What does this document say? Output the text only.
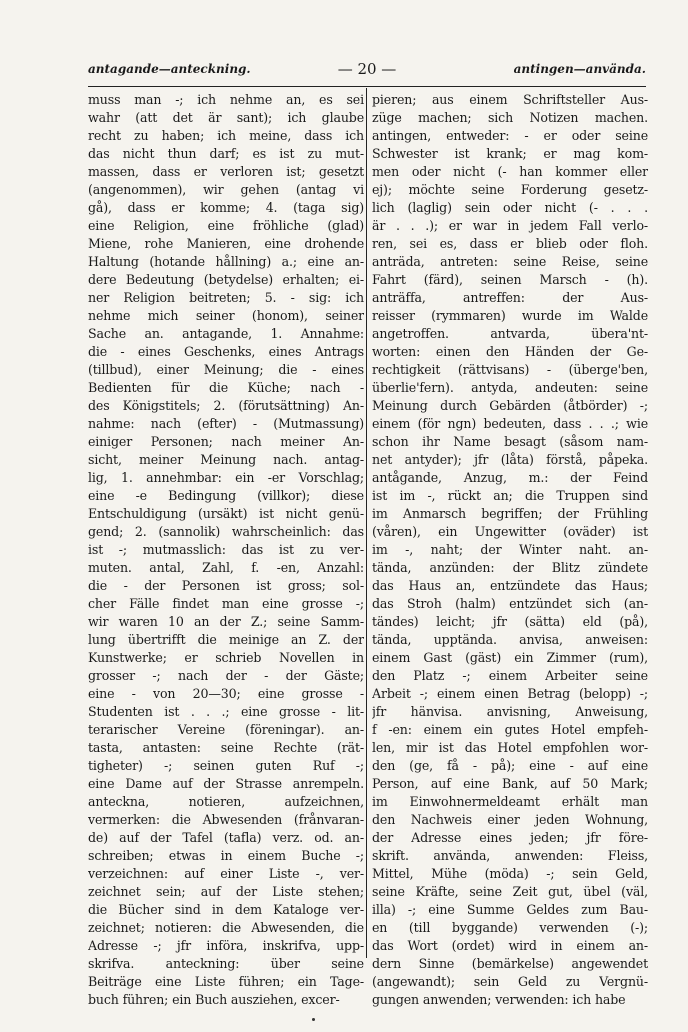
antagande—anteckning.	— 20 —	antingen—använda.
muss man -; ich nehme an, es sei
wahr (att det är sant); ich glaube
recht zu haben; ich meine, dass ich
das nicht thun darf; es ist zu mut-
massen, dass er verloren ist; gesetzt
(angenommen), wir gehen (antag vi
gå), dass er komme; 4. (taga sig)
eine Religion, eine fröhliche (glad)
Miene, rohe Manieren, eine drohende
Haltung (hotande hållning) a.; eine an-
dere Bedeutung (betydelse) erhalten; ei-
ner Religion beitreten; 5. - sig: ich
nehme mich seiner (honom), seiner
Sache an. antagande, 1. Annahme:
die - eines Geschenks, eines Antrags
(tillbud), einer Meinung; die - eines
Bedienten für die Küche; nach -
des Königstitels; 2. (förutsättning) An-
nahme: nach (efter) - (Mutmassung)
einiger Personen; nach meiner An-
sicht, meiner Meinung nach. antag-
lig, 1. annehmbar: ein -er Vorschlag;
eine -e Bedingung (villkor); diese
Entschuldigung (ursäkt) ist nicht genü-
gend; 2. (sannolik) wahrscheinlich: das
ist -; mutmasslich: das ist zu ver-
muten. antal, Zahl, f. -en, Anzahl:
die - der Personen ist gross; sol-
cher Fälle findet man eine grosse -;
wir waren 10 an der Z.; seine Samm-
lung übertrifft die meinige an Z. der
Kunstwerke; er schrieb Novellen in
grosser -; nach der - der Gäste;
eine - von 20—30; eine grosse -
Studenten ist . . .; eine grosse - lit-
terarischer Vereine (föreningar). an-
tasta, antasten: seine Rechte (rät-
tigheter) -; seinen guten Ruf -;
eine Dame auf der Strasse anrempeln.
anteckna, notieren, aufzeichnen,
vermerken: die Abwesenden (frånvaran-
de) auf der Tafel (tafla) verz. od. an-
schreiben; etwas in einem Buche -;
verzeichnen: auf einer Liste -, ver-
zeichnet sein; auf der Liste stehen;
die Bücher sind in dem Kataloge ver-
zeichnet; notieren: die Abwesenden, die
Adresse -; jfr införa, inskrifva, upp-
skrifva. anteckning: über seine
Beiträge eine Liste führen; ein Tage-
buch führen; ein Buch ausziehen, excer-
pieren; aus einem Schriftsteller Aus-
züge machen; sich Notizen machen.
antingen, entweder: - er oder seine
Schwester ist krank; er mag kom-
men oder nicht (- han kommer eller
ej); möchte seine Forderung gesetz-
lich (laglig) sein oder nicht (- . . .
är . . .); er war in jedem Fall verlo-
ren, sei es, dass er blieb oder floh.
anträda, antreten: seine Reise, seine
Fahrt (färd), seinen Marsch - (h).
anträffa, antreffen: der Aus-
reisser (rymmaren) wurde im Walde
angetroffen. antvarda, übera'nt-
worten: einen den Händen der Ge-
rechtigkeit (rättvisans) - (überge'ben,
überlie'fern). antyda, andeuten: seine
Meinung durch Gebärden (åtbörder) -;
einem (för ngn) bedeuten, dass . . .; wie
schon ihr Name besagt (såsom nam-
net antyder); jfr (låta) förstå, påpeka.
antågande, Anzug, m.: der Feind
ist im -, rückt an; die Truppen sind
im Anmarsch begriffen; der Frühling
(våren), ein Ungewitter (oväder) ist
im -, naht; der Winter naht. an-
tända, anzünden: der Blitz zündete
das Haus an, entzündete das Haus;
das Stroh (halm) entzündet sich (an-
tändes) leicht; jfr (sätta) eld (på),
tända, upptända. anvisa, anweisen:
einem Gast (gäst) ein Zimmer (rum),
den Platz -; einem Arbeiter seine
Arbeit -; einem einen Betrag (belopp) -;
jfr hänvisa. anvisning, Anweisung,
f -en: einem ein gutes Hotel empfeh-
len, mir ist das Hotel empfohlen wor-
den (ge, få - på); eine - auf eine
Person, auf eine Bank, auf 50 Mark;
im Einwohnermeldeamt erhält man
den Nachweis einer jeden Wohnung,
der Adresse eines jeden; jfr före-
skrift. använda, anwenden: Fleiss,
Mittel, Mühe (möda) -; sein Geld,
seine Kräfte, seine Zeit gut, übel (väl,
illa) -; eine Summe Geldes zum Bau-
en (till byggande) verwenden (-);
das Wort (ordet) wird in einem an-
dern Sinne (bemärkelse) angewendet
(angewandt); sein Geld zu Vergnü-
gungen anwenden; verwenden: ich habe
